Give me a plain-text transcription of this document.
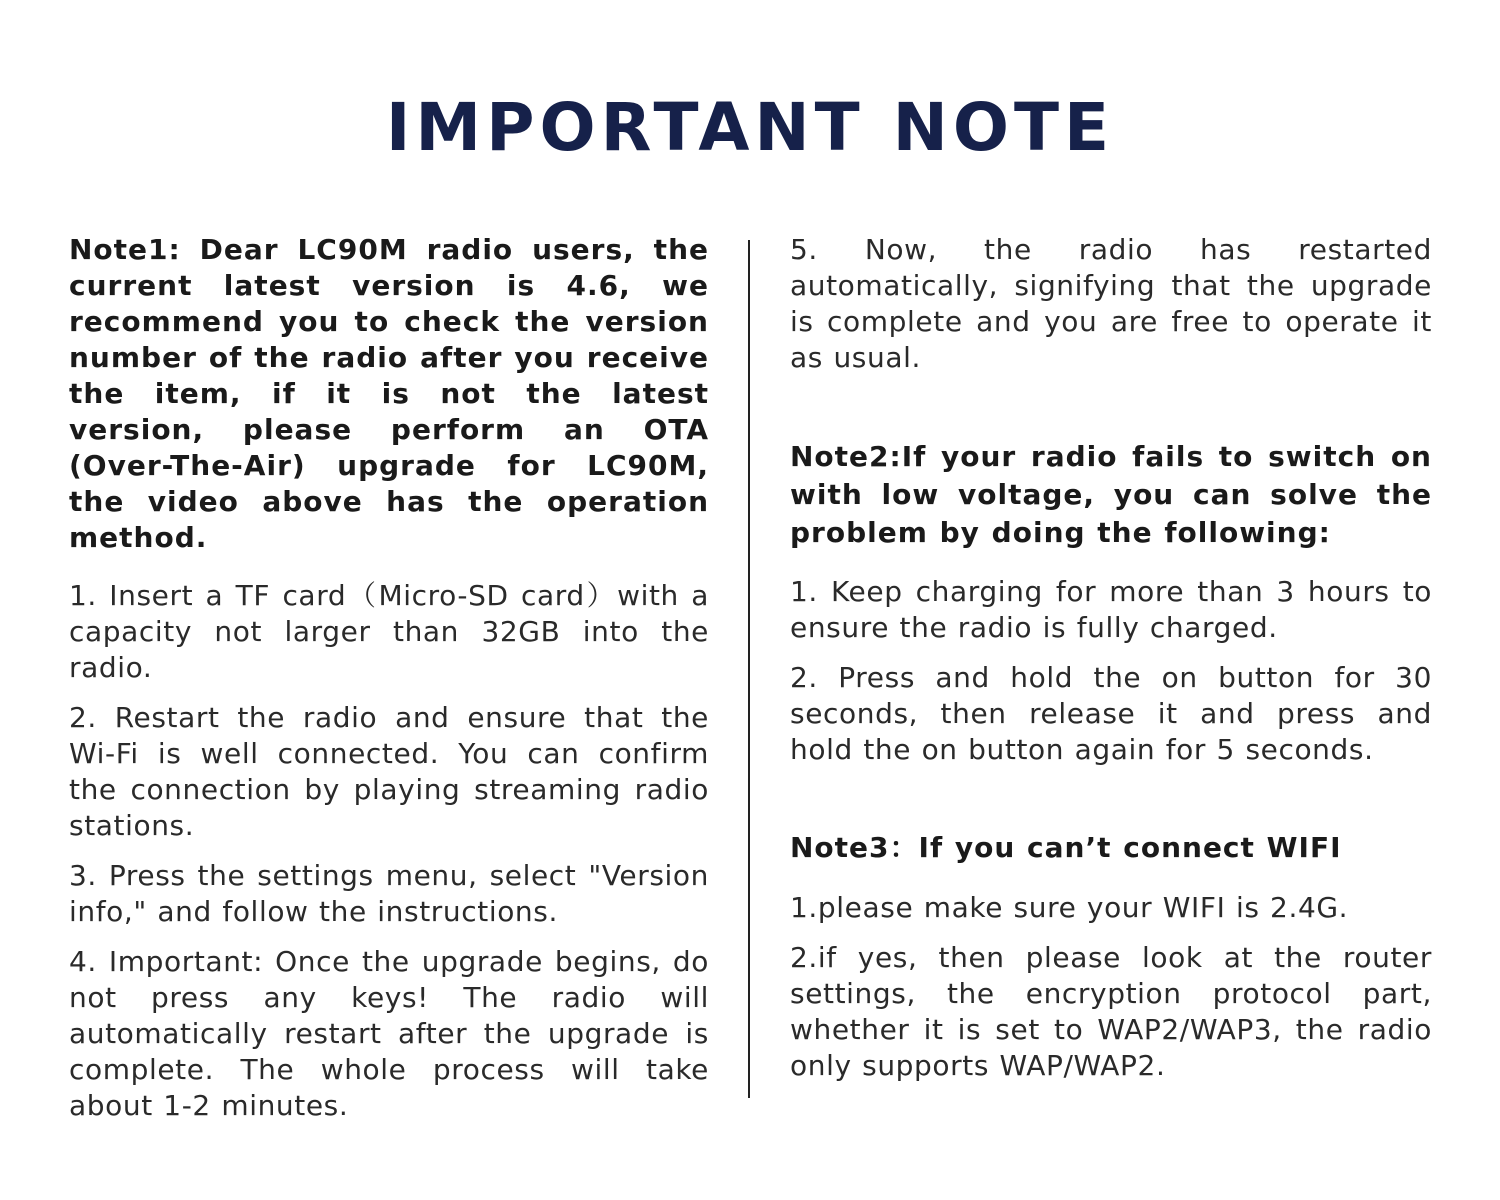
IMPORTANT NOTE

Note1: Dear LC90M radio users, the current latest version is 4.6, we recommend you to check the version number of the radio after you receive the item, if it is not the latest version, please perform an OTA (Over-The-Air) upgrade for LC90M, the video above has the operation method.

1. Insert a TF card（Micro-SD card）with a capacity not larger than 32GB into the radio.

2. Restart the radio and ensure that the Wi-Fi is well connected. You can confirm the connection by playing streaming radio stations.

3. Press the settings menu, select "Version info," and follow the instructions.

4. Important: Once the upgrade begins, do not press any keys! The radio will automatically restart after the upgrade is complete. The whole process will take about 1-2 minutes.

5. Now, the radio has restarted automatically, signifying that the upgrade is complete and you are free to operate it as usual.

Note2:If your radio fails to switch on with low voltage, you can solve the problem by doing the following:

1. Keep charging for more than 3 hours to ensure the radio is fully charged.

2. Press and hold the on button for 30 seconds, then release it and press and hold the on button again for 5 seconds.

Note3：If you can’t connect WIFI

1.please make sure your WIFI is 2.4G.

2.if yes, then please look at the router settings, the encryption protocol part, whether it is set to WAP2/WAP3, the radio only supports WAP/WAP2.
